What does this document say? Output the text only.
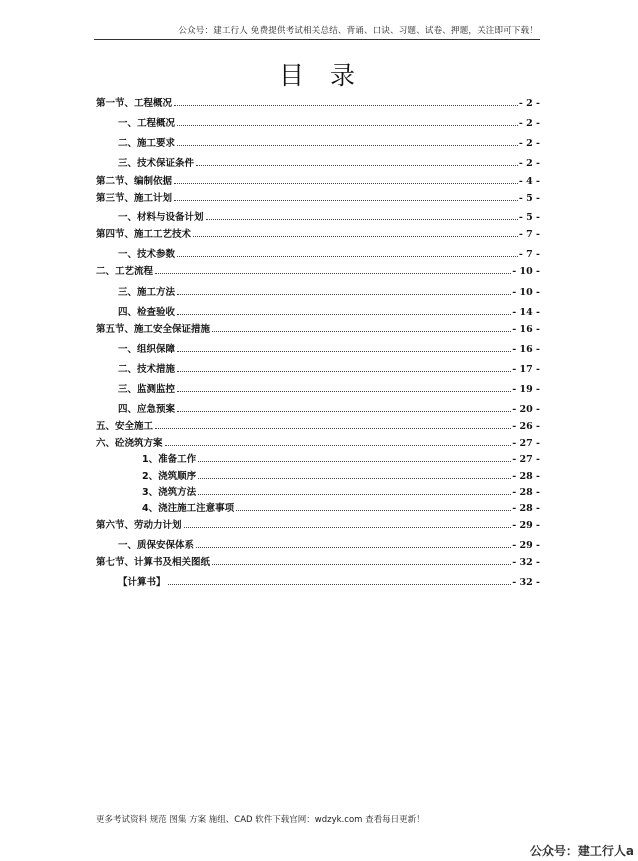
公众号：建工行人 免费提供考试相关总结、背诵、口诀、习题、试卷、押题，关注即可下载！
目录
第一节、工程概况	- 2 -
一、工程概况	- 2 -
二、施工要求	- 2 -
三、技术保证条件	- 2 -
第二节、编制依据	- 4 -
第三节、施工计划	- 5 -
一、材料与设备计划	- 5 -
第四节、施工工艺技术	- 7 -
一、技术参数	- 7 -
二、工艺流程	- 10 -
三、施工方法	- 10 -
四、检查验收	- 14 -
第五节、施工安全保证措施	- 16 -
一、组织保障	- 16 -
二、技术措施	- 17 -
三、监测监控	- 19 -
四、应急预案	- 20 -
五、安全施工	- 26 -
六、砼浇筑方案	- 27 -
1、准备工作	- 27 -
2、浇筑顺序	- 28 -
3、浇筑方法	- 28 -
4、浇注施工注意事项	- 28 -
第六节、劳动力计划	- 29 -
一、质保安保体系	- 29 -
第七节、计算书及相关图纸	- 32 -
【计算书】	- 32 -
更多考试资料 规范 图集 方案 施组、CAD 软件下载官网：wdzyk.com 查看每日更新！
公众号：建工行人a
